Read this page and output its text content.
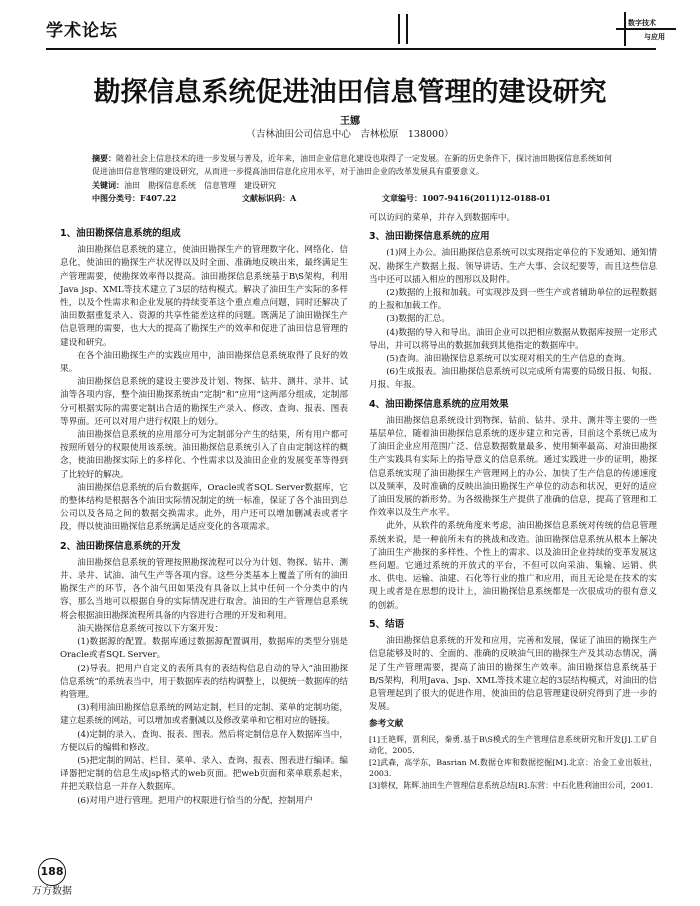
学术论坛	数字技术
与应用
勘探信息系统促进油田信息管理的建设研究
王娜
（吉林油田公司信息中心　吉林松原　138000）
摘要：随着社会上信息技术的进一步发展与普及，近年来，油田企业信息化建设也取得了一定发展。在新的历史条件下，探讨油田勘探信息系统如何促进油田信息管理的建设研究，从而进一步提高油田信息化应用水平，对于油田企业的改革发展具有重要意义。
关键词：油田　勘探信息系统　信息管理　建设研究
中图分类号：F407.22	文献标识码：A	文章编号：1007-9416(2011)12-0188-01
1、油田勘探信息系统的组成

油田勘探信息系统的建立，使油田勘探生产的管理数字化、网络化、信息化，使油田的勘探生产状况得以及时全面、准确地反映出来，最终满足生产管理需要，使勘探效率得以提高。油田勘探信息系统基于B\S架构，利用Java jsp、XML等技术建立了3层的结构模式。解决了油田生产实际的多样性，以及个性需求和企业发展的持续变革这个重点难点问题，同时还解决了油田数据重复录入、资源的共享性能差这样的问题。既满足了油田勘探生产信息管理的需要，也大大的提高了勘探生产的效率和促进了油田信息管理的建设和研究。

在各个油田勘探生产的实践应用中，油田勘探信息系统取得了良好的效果。

油田勘探信息系统的建设主要涉及计划、物探、钻井、测井、录井、试油等各项内容，整个油田勘探系统由“定制”和“应用”这两部分组成，定制部分可根据实际的需要定制出合适的勘探生产录入、修改、查询、报表、图表等界面。还可以对用户进行权限上的划分。

油田勘探信息系统的应用部分可为定制部分产生的结果，所有用户都可按照所划分的权限使用该系统。油田勘探信息系统引入了自由定制这样的概念，使油田勘探实际上的多样化、个性需求以及油田企业的发展变革等得到了比较好的解决。

油田勘探信息系统的后台数据库，Oracle或者SQL Server数据库，它的整体结构是根据各个油田实际情况制定的统一标准，保证了各个油田到总公司以及各局之间的数据交换需求。此外，用户还可以增加删减表或者字段，得以使油田勘探信息系统满足适应变化的各项需求。

2、油田勘探信息系统的开发

油田勘探信息系统的管理按照勘探流程可以分为计划、物探、钻井、测井、录井、试油、油气生产等各项内容。这些分类基本上覆盖了所有的油田勘探生产的环节，各个油气田如果没有具备以上其中任何一个分类中的内容，那么当地可以根据自身的实际情况进行取舍。油田的生产管理信息系统将会根据油田勘探流程所具备的内容进行合理的开发和利用。

油天勘探信息系统可按以下方案开发：

(1)数据源的配置。数据库通过数据源配置调用，数据库的类型分别是Oracle或者SQL Server。

(2)导表。把用户自定义的表所具有的表结构信息自动的导入“油田勘探信息系统”的系统表当中，用于数据库表的结构调整上，以便统一数据库的结构管理。

(3)利用油田勘探信息系统的网站定制，栏目的定制、菜单的定制功能，建立起系统的网站，可以增加或者删减以及修改菜单和它相对应的链接。

(4)定制的录入、查询、报表、图表。然后将定制信息存入数据库当中，方便以后的编辑和修改。

(5)把定制的网站、栏目、菜单、录入、查询、报表、图表进行编译。编译器把定制的信息生成jsp格式的web页面。把web页面和菜单联系起来，并把关联信息一并存入数据库。

(6)对用户进行管理。把用户的权限进行恰当的分配，控制用户

可以访问的菜单，并存入到数据库中。

3、油田勘探信息系统的应用

(1)网上办公。油田勘探信息系统可以实现指定单位的下发通知、通知情况、勘探生产数据上报、领导讲话、生产大事、会议纪要等，而且这些信息当中还可以插入相应的图形以及附件。

(2)数据的上报和加载。可实现涉及到一些生产或者辅助单位的远程数据的上报和加载工作。

(3)数据的汇总。

(4)数据的导入和导出。油田企业可以把相应数据从数据库按照一定形式导出，并可以将导出的数据加载到其他指定的数据库中。

(5)查询。油田勘探信息系统可以实现对相关的生产信息的查询。

(6)生成报表。油田勘探信息系统可以完成所有需要的局级日报、旬报、月报、年报。

4、油田勘探信息系统的应用效果

油田勘探信息系统设计到物探、钻前、钻井、录井、测井等主要的一些基层单位，随着油田勘探信息系统的逐步建立和完善，目前这个系统已成为了油田企业应用范围广泛、信息数据数量最多、使用频率最高、对油田勘探生产实践具有实际上的指导意义的信息系统。通过实践进一步的证明，勘探信息系统实现了油田勘探生产管理网上的办公、加快了生产信息的传递速度以及频率，及时准确的反映出油田勘探生产单位的动态和状况，更好的适应了油田发展的新形势。为各级勘探生产提供了准确的信息，提高了管理和工作效率以及生产水平。

此外，从软件的系统角度来考虑，油田勘探信息系统对传统的信息管理系统来说，是一种前所未有的挑战和改造。油田勘探信息系统从根本上解决了油田生产勘探的多样性、个性上的需求、以及油田企业持续的变革发展这些问题。它通过系统的开放式的平台，不但可以向采油、集输、运销、供水、供电、运输、油建、石化等行业的推广和应用，而且无论是在技术的实现上或者是在思想的设计上，油田勘探信息系统都是一次很成功的很有意义的创新。

5、结语

油田勘探信息系统的开发和应用，完善和发展，保证了油田的勘探生产信息能够及时的、全面的、准确的反映油气田的勘探生产及其动态情况，满足了生产管理需要，提高了油田的勘探生产效率。油田勘探信息系统基于B/S架构，利用Java、Jsp、XML等技术建立起的3层结构模式，对油田的信息管理起到了很大的促进作用，使油田的信息管理建设研究得到了进一步的发展。

参考文献

[1]王艳辉，贾利民，秦勇.基于B\S模式的生产管理信息系统研究和开发[J].工矿自动化，2005.

[2]武森，高学东，Basrian M.数据仓库和数据挖掘[M].北京：冶金工业出版社，2003.

[3]蔡权，陈辉.油田生产管理信息系统总结[R].东营：中石化胜利油田公司，2001.

188
万方数据
